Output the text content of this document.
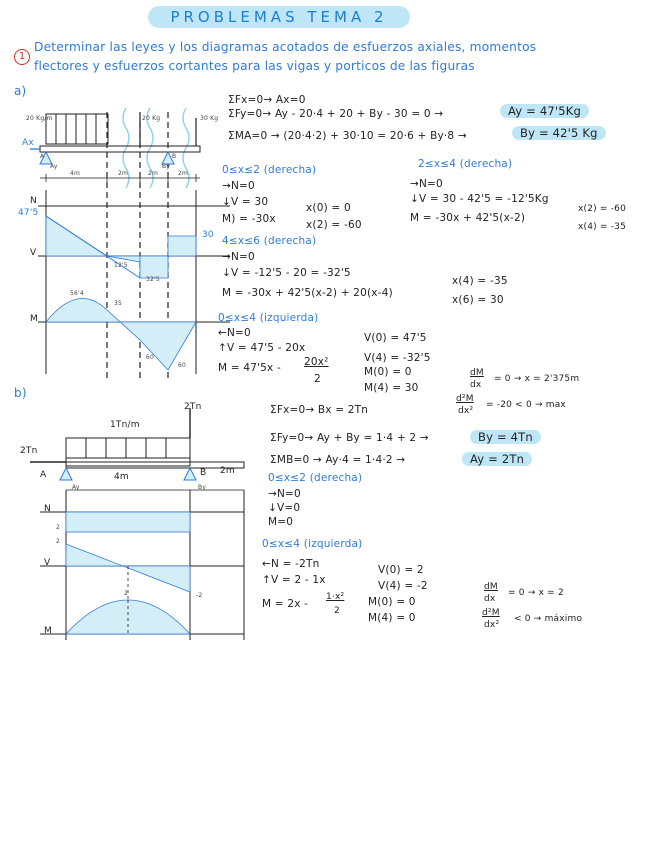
PROBLEMAS TEMA 2
1
Determinar las leyes y los diagramas acotados de esfuerzos axiales, momentos
flectores y esfuerzos cortantes para las vigas y porticos de las figuras
a)
20 Kg/m	20 Kg	30 Kg
Ax
A
Ay
B
By
4m	2m	2m	2m
N
V
M
47'5
30
12'5
32'5
56'4
35
60
60
ΣFx=0→ Ax=0
ΣFy=0→ Ay - 20·4 + 20 + By - 30 = 0 →	Ay = 47'5Kg
ΣMA=0 → (20·4·2) + 30·10 = 20·6 + By·8 →	By = 42'5 Kg
0≤x≤2 (derecha)
→N=0
↓V = 30
M) = -30x
x(0) = 0
x(2) = -60
2≤x≤4 (derecha)
→N=0
↓V = 30 - 42'5 = -12'5Kg
M = -30x + 42'5(x-2)
x(2) = -60
x(4) = -35
4≤x≤6 (derecha)
→N=0
↓V = -12'5 - 20 = -32'5
M = -30x + 42'5(x-2) + 20(x-4)
x(4) = -35
x(6) = 30
0≤x≤4 (izquierda)
←N=0
↑V = 47'5 - 20x
V(0) = 47'5
V(4) = -32'5
M = 47'5x - 20x²
2
M(0) = 0
M(4) = 30
dM
dx
= 0 → x = 2'375m
d²M
dx²
= -20 < 0 → max
b)
1Tn/m
2Tn
2Tn
A
Ay
B
By
4m
2m
N
V
M
2
2
-2
2
ΣFx=0→ Bx = 2Tn
ΣFy=0→ Ay + By = 1·4 + 2 →	By = 4Tn
ΣMB=0 → Ay·4 = 1·4·2 →	Ay = 2Tn
0≤x≤2 (derecha)
→N=0
↓V=0
M=0
0≤x≤4 (izquierda)
←N = -2Tn
↑V = 2 - 1x
V(0) = 2
V(4) = -2
M = 2x -
1·x²
2
M(0) = 0
M(4) = 0
dM
dx
= 0 → x = 2
d²M
dx²
< 0 → máximo
